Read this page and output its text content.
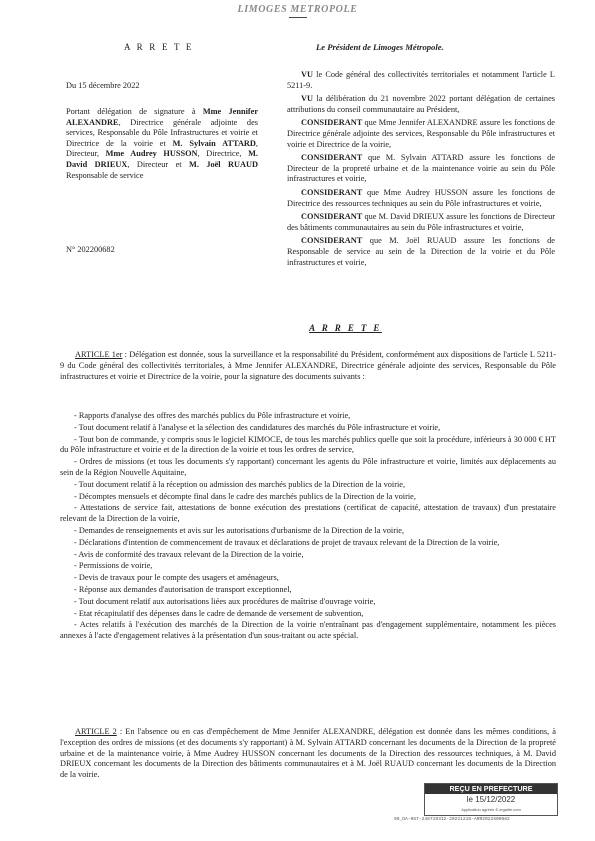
LIMOGES METROPOLE
A R R E T E	Le Président de Limoges Métropole.
Du 15 décembre 2022
Portant délégation de signature à Mme Jennifer ALEXANDRE, Directrice générale adjointe des services, Responsable du Pôle Infrastructures et voirie et Directrice de la voirie et M. Sylvain ATTARD, Directeur, Mme Audrey HUSSON, Directrice, M. David DRIEUX, Directeur et M. Joël RUAUD Responsable de service
N° 202200682

VU le Code général des collectivités territoriales et notamment l'article L 5211-9.

VU la délibération du 21 novembre 2022 portant délégation de certaines attributions du conseil communautaire au Président,

CONSIDERANT que Mme Jennifer ALEXANDRE assure les fonctions de Directrice générale adjointe des services, Responsable du Pôle infrastructures et voirie et Directrice de la voirie,

CONSIDERANT que M. Sylvain ATTARD assure les fonctions de Directeur de la propreté urbaine et de la maintenance voirie au sein du Pôle infrastructures et voirie,

CONSIDERANT que Mme Audrey HUSSON assure les fonctions de Directrice des ressources techniques au sein du Pôle infrastructures et voirie,

CONSIDERANT que M. David DRIEUX assure les fonctions de Directeur des bâtiments communautaires au sein du Pôle infrastructures et voirie,

CONSIDERANT que M. Joël RUAUD assure les fonctions de Responsable de service au sein de la Direction de la voirie et du Pôle infrastructures et voirie,

A R R E T E

ARTICLE 1er : Délégation est donnée, sous la surveillance et la responsabilité du Président, conformément aux dispositions de l'article L 5211-9 du Code général des collectivités territoriales, à Mme Jennifer ALEXANDRE, Directrice générale adjointe des services, Responsable du Pôle infrastructures et voirie et Directrice de la voirie, pour la signature des documents suivants :

- Rapports d'analyse des offres des marchés publics du Pôle infrastructure et voirie,

- Tout document relatif à l'analyse et la sélection des candidatures des marchés du Pôle infrastructure et voirie,

- Tout bon de commande, y compris sous le logiciel KIMOCE, de tous les marchés publics quelle que soit la procédure, inférieurs à 30 000 € HT du Pôle infrastructure et voirie et de la direction de la voirie et tous les ordres de service,

- Ordres de missions (et tous les documents s'y rapportant) concernant les agents du Pôle infrastructure et voirie, limités aux déplacements au sein de la Région Nouvelle Aquitaine,

- Tout document relatif à la réception ou admission des marchés publics de la Direction de la voirie,

- Décomptes mensuels et décompte final dans le cadre des marchés publics de la Direction de la voirie,

- Attestations de service fait, attestations de bonne exécution des prestations (certificat de capacité, attestation de travaux) d'un prestataire relevant de la Direction de la voirie,

- Demandes de renseignements et avis sur les autorisations d'urbanisme de la Direction de la voirie,

- Déclarations d'intention de commencement de travaux et déclarations de projet de travaux relevant de la Direction de la voirie,

- Avis de conformité des travaux relevant de la Direction de la voirie,

- Permissions de voirie,

- Devis de travaux pour le compte des usagers et aménageurs,

- Réponse aux demandes d'autorisation de transport exceptionnel,

- Tout document relatif aux autorisations liées aux procédures de maîtrise d'ouvrage voirie,

- Etat récapitulatif des dépenses dans le cadre de demande de versement de subvention,

- Actes relatifs à l'exécution des marchés de la Direction de la voirie n'entraînant pas d'engagement supplémentaire, notamment les pièces annexes à l'acte d'engagement relatives à la présentation d'un sous-traitant ou acte spécial.

ARTICLE 2 : En l'absence ou en cas d'empêchement de Mme Jennifer ALEXANDRE, délégation est donnée dans les mêmes conditions, à l'exception des ordres de missions (et des documents s'y rapportant) à M. Sylvain ATTARD concernant les documents de la Direction de la propreté urbaine et de la maintenance voirie, à Mme Audrey HUSSON concernant les documents de la Direction des ressources techniques, à M. David DRIEUX concernant les documents de la Direction des bâtiments communautaires et à M. Joël RUAUD concernant les documents de la Direction de la voirie.

REÇU EN PREFECTURE
le 15/12/2022
Application agréée E-legalite.com
99_DA-087-248719312-20221215-ARR2022S00682
